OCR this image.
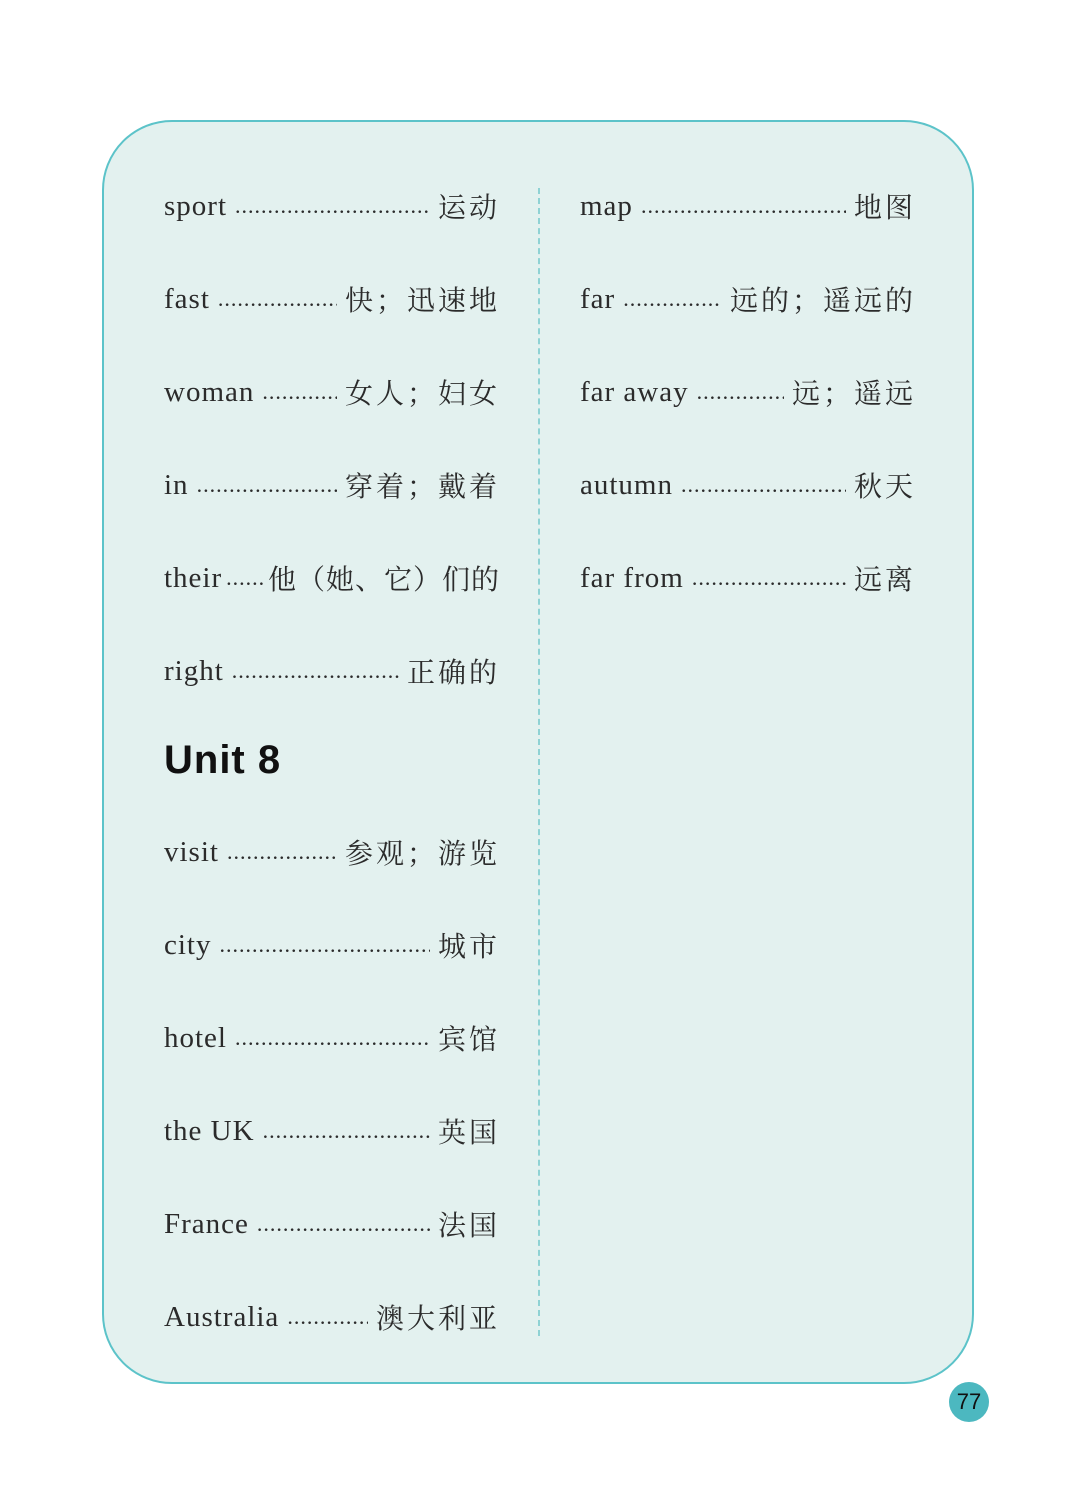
sport .....	运动
fast .....	快；迅速地
woman .....	女人；妇女
in .....	穿着；戴着
their ..... 他（她、它）们的
right .....	正确的
Unit 8
visit .....	参观；游览
city .....	城市
hotel .....	宾馆
the UK .....	英国
France .....	法国
Australia .....	澳大利亚
map .....	地图
far .....	远的；遥远的
far away .....	远；遥远
autumn .....	秋天
far from .....	远离
77
